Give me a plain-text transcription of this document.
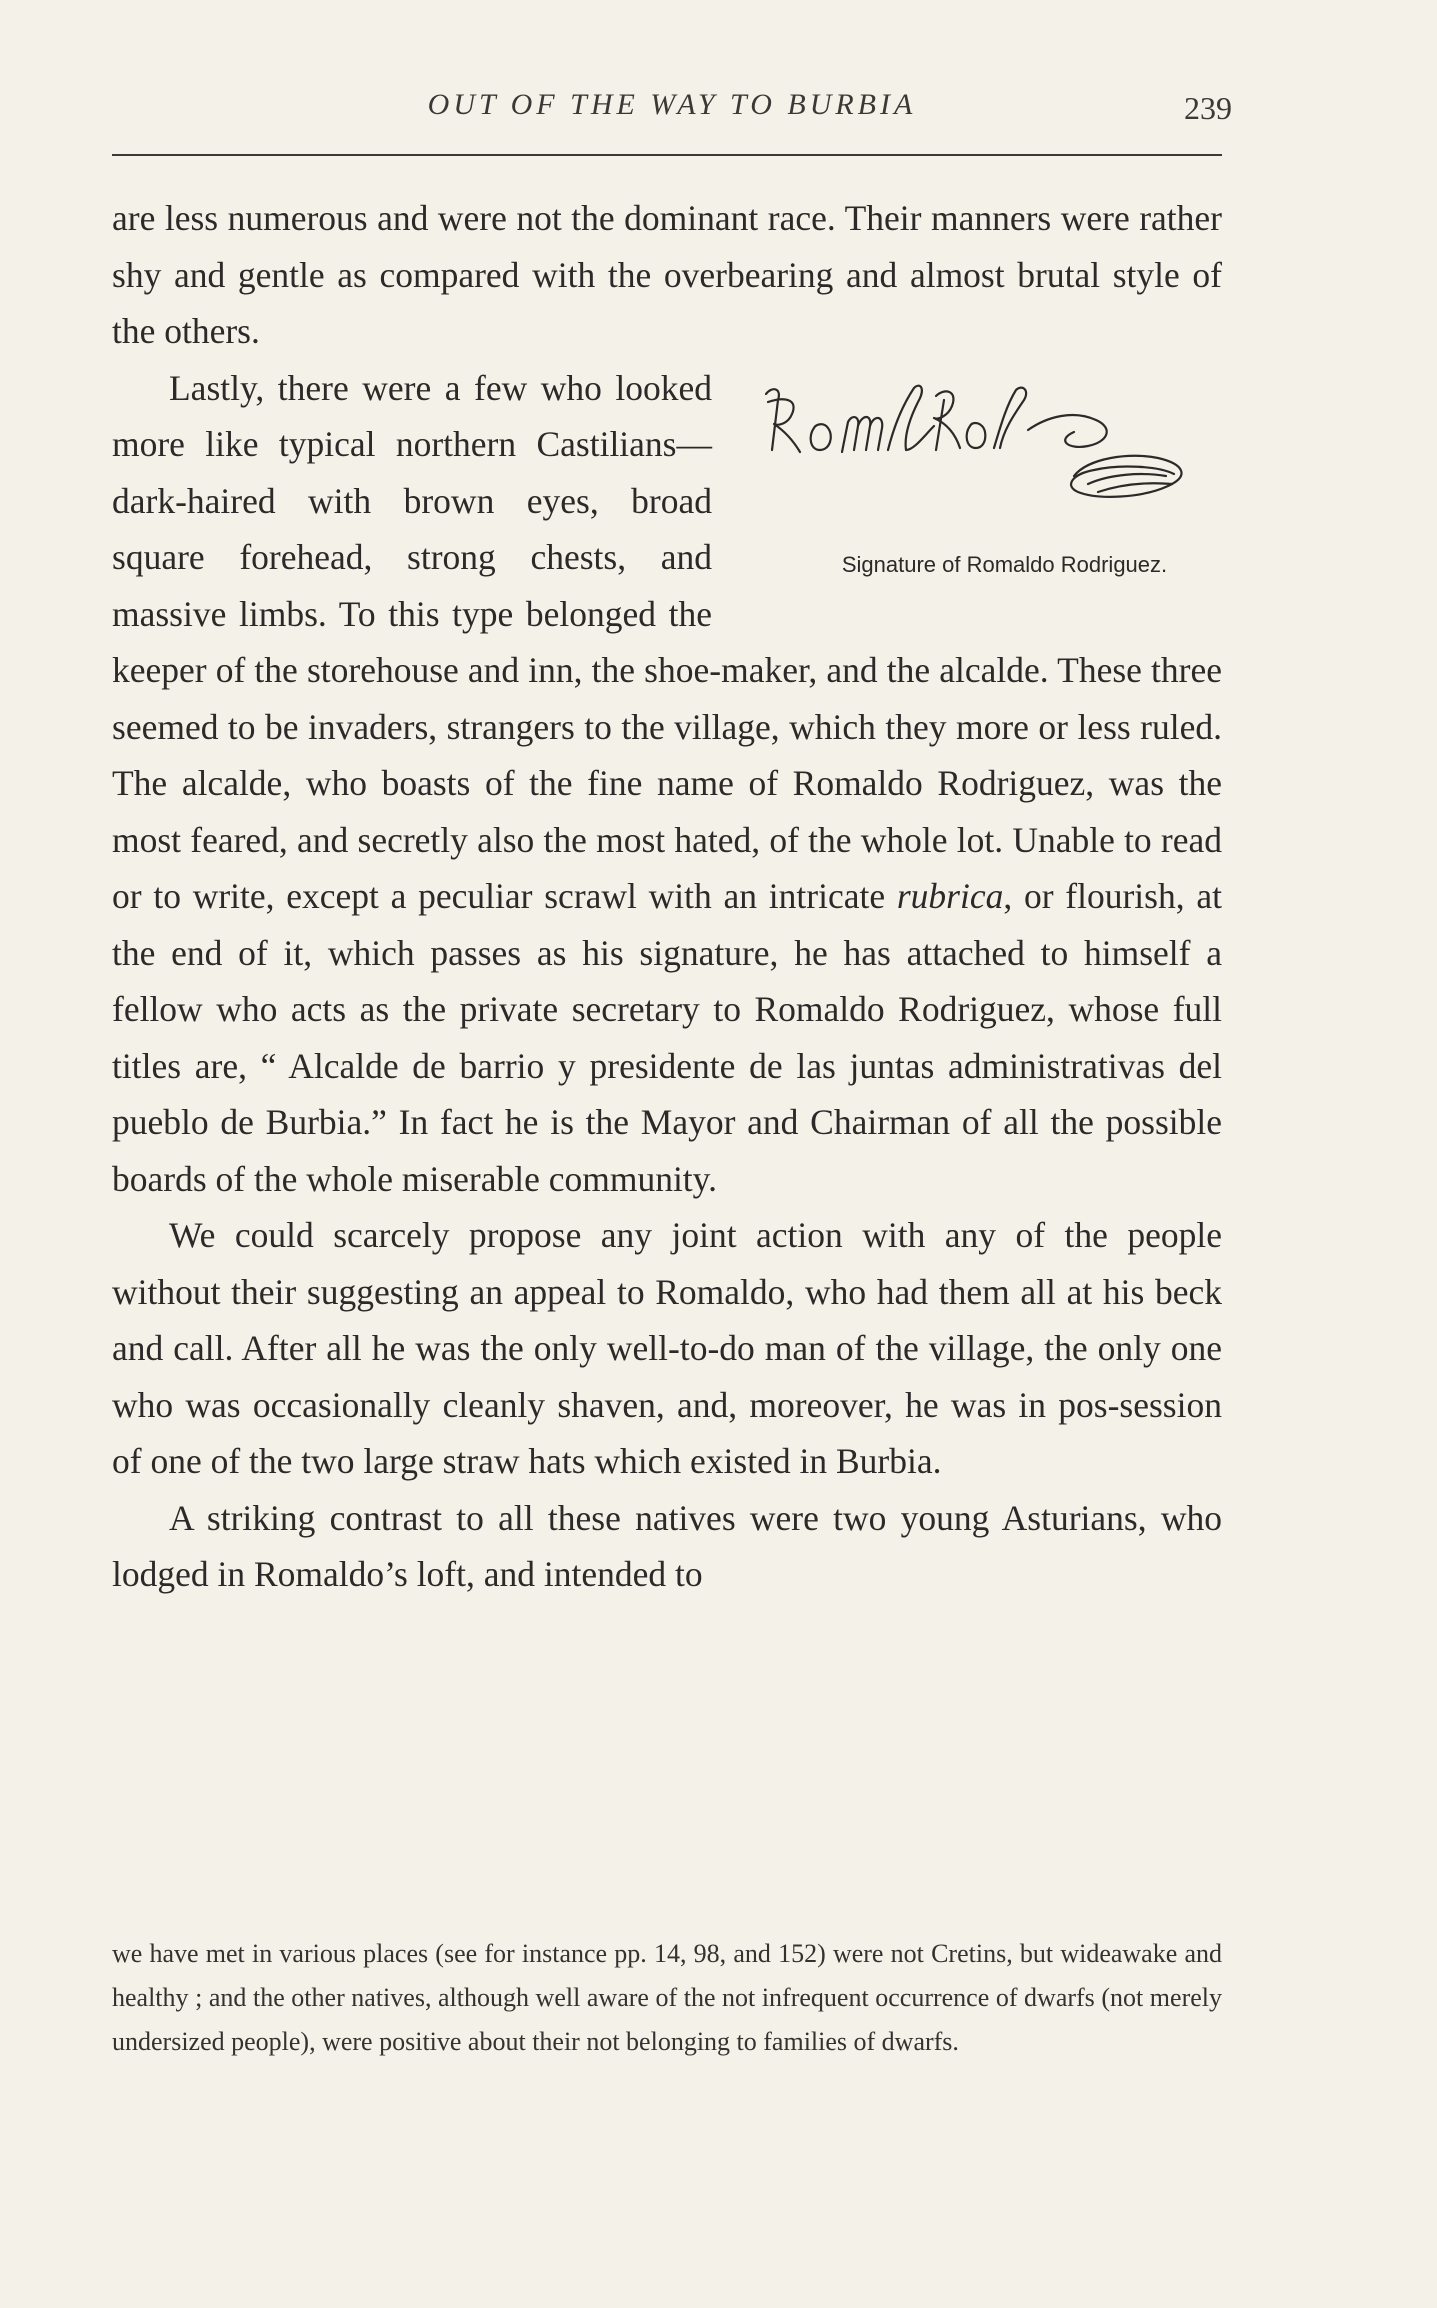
OUT OF THE WAY TO BURBIA	239

are less numerous and were not the dominant race. Their manners were rather shy and gentle as compared with the overbearing and almost brutal style of the others.

Signature of Romaldo Rodriguez.
Lastly, there were a few who looked more like typical northern Castilians—dark-haired with brown eyes, broad square forehead, strong chests, and massive limbs. To this type belonged the keeper of the storehouse and inn, the shoe-maker, and the alcalde. These three seemed to be invaders, strangers to the village, which they more or less ruled. The alcalde, who boasts of the fine name of Romaldo Rodriguez, was the most feared, and secretly also the most hated, of the whole lot. Unable to read or to write, except a peculiar scrawl with an intricate rubrica, or flourish, at the end of it, which passes as his signature, he has attached to himself a fellow who acts as the private secretary to Romaldo Rodriguez, whose full titles are, “ Alcalde de barrio y presidente de las juntas administrativas del pueblo de Burbia.” In fact he is the Mayor and Chairman of all the possible boards of the whole miserable community.

We could scarcely propose any joint action with any of the people without their suggesting an appeal to Romaldo, who had them all at his beck and call. After all he was the only well-to-do man of the village, the only one who was occasionally cleanly shaven, and, moreover, he was in pos-session of one of the two large straw hats which existed in Burbia.

A striking contrast to all these natives were two young Asturians, who lodged in Romaldo’s loft, and intended to

we have met in various places (see for instance pp. 14, 98, and 152) were not Cretins, but wideawake and healthy ; and the other natives, although well aware of the not infrequent occurrence of dwarfs (not merely undersized people), were positive about their not belonging to families of dwarfs.
